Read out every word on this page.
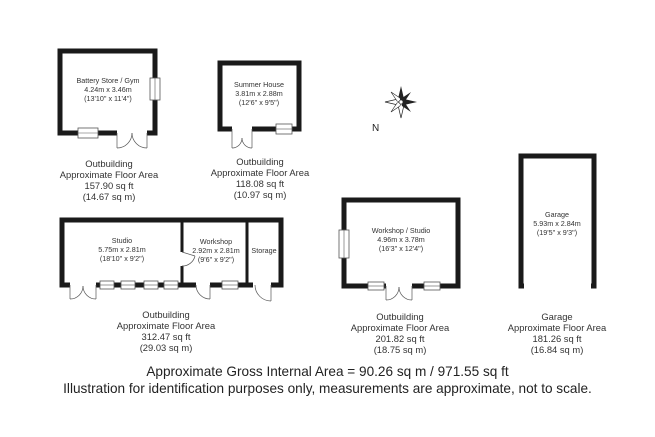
Battery Store / Gym
4.24m x 3.46m
(13'10" x 11'4")
Summer House
3.81m x 2.88m
(12'6" x 9'5")
N
Studio
5.75m x 2.81m
(18'10" x 9'2")
Workshop
2.92m x 2.81m
(9'6" x 9'2")
Storage
Workshop / Studio
4.96m x 3.78m
(16'3" x 12'4")
Garage
5.93m x 2.84m
(19'5" x 9'3")
Outbuilding
Approximate Floor Area
157.90 sq ft
(14.67 sq m)
Outbuilding
Approximate Floor Area
118.08 sq ft
(10.97 sq m)
Outbuilding
Approximate Floor Area
312.47 sq ft
(29.03 sq m)
Outbuilding
Approximate Floor Area
201.82 sq ft
(18.75 sq m)
Garage
Approximate Floor Area
181.26 sq ft
(16.84 sq m)
Approximate Gross Internal Area = 90.26 sq m / 971.55 sq ft
Illustration for identification purposes only, measurements are approximate, not to scale.
